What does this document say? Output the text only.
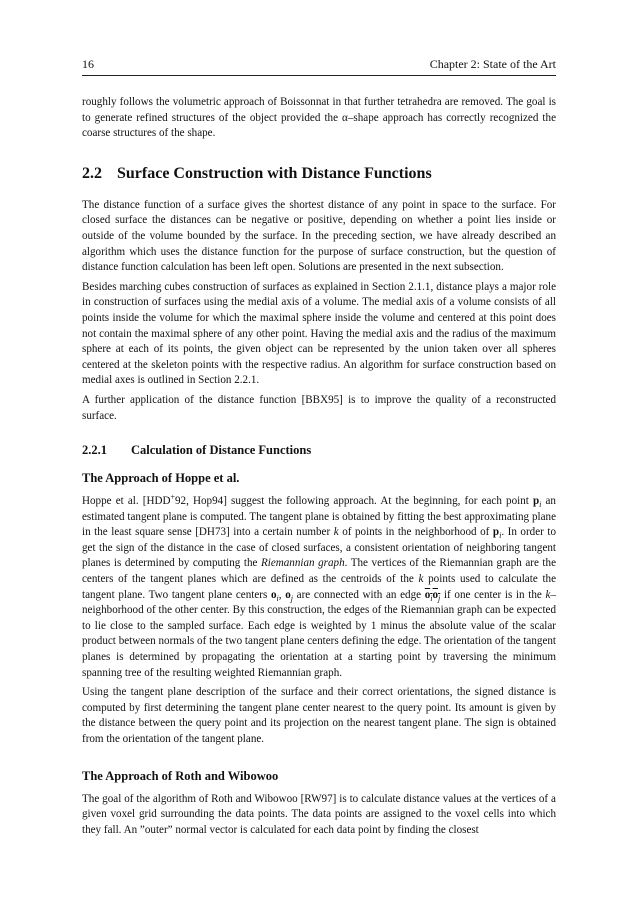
16	Chapter 2: State of the Art

roughly follows the volumetric approach of Boissonnat in that further tetrahedra are removed. The goal is to generate refined structures of the object provided the α–shape approach has correctly recognized the coarse structures of the shape.

2.2 Surface Construction with Distance Functions

The distance function of a surface gives the shortest distance of any point in space to the surface. For closed surface the distances can be negative or positive, depending on whether a point lies inside or outside of the volume bounded by the surface. In the preceding section, we have already described an algorithm which uses the distance function for the purpose of surface construction, but the question of distance function calculation has been left open. Solutions are presented in the next subsection.

Besides marching cubes construction of surfaces as explained in Section 2.1.1, distance plays a major role in construction of surfaces using the medial axis of a volume. The medial axis of a volume consists of all points inside the volume for which the maximal sphere inside the volume and centered at this point does not contain the maximal sphere of any other point. Having the medial axis and the radius of the maximum sphere at each of its points, the given object can be represented by the union taken over all spheres centered at the skeleton points with the respective radius. An algorithm for surface construction based on medial axes is outlined in Section 2.2.1.

A further application of the distance function [BBX95] is to improve the quality of a reconstructed surface.

2.2.1 Calculation of Distance Functions
The Approach of Hoppe et al.

Hoppe et al. [HDD+92, Hop94] suggest the following approach. At the beginning, for each point $p_i$ an estimated tangent plane is computed. The tangent plane is obtained by fitting the best approximating plane in the least square sense [DH73] into a certain number k of points in the neighborhood of $p_i$. In order to get the sign of the distance in the case of closed surfaces, a consistent orientation of neighboring tangent planes is determined by computing the Riemannian graph. The vertices of the Riemannian graph are the centers of the tangent planes which are defined as the centroids of the k points used to calculate the tangent plane. Two tangent plane centers $o_i$, $o_j$ are connected with an edge $o_io_j$ if one center is in the k–neighborhood of the other center. By this construction, the edges of the Riemannian graph can be expected to lie close to the sampled surface. Each edge is weighted by 1 minus the absolute value of the scalar product between normals of the two tangent plane centers defining the edge. The orientation of the tangent planes is determined by propagating the orientation at a starting point by traversing the minimum spanning tree of the resulting weighted Riemannian graph.

Using the tangent plane description of the surface and their correct orientations, the signed distance is computed by first determining the tangent plane center nearest to the query point. Its amount is given by the distance between the query point and its projection on the nearest tangent plane. The sign is obtained from the orientation of the tangent plane.

The Approach of Roth and Wibowoo

The goal of the algorithm of Roth and Wibowoo [RW97] is to calculate distance values at the vertices of a given voxel grid surrounding the data points. The data points are assigned to the voxel cells into which they fall. An ”outer” normal vector is calculated for each data point by finding the closest
